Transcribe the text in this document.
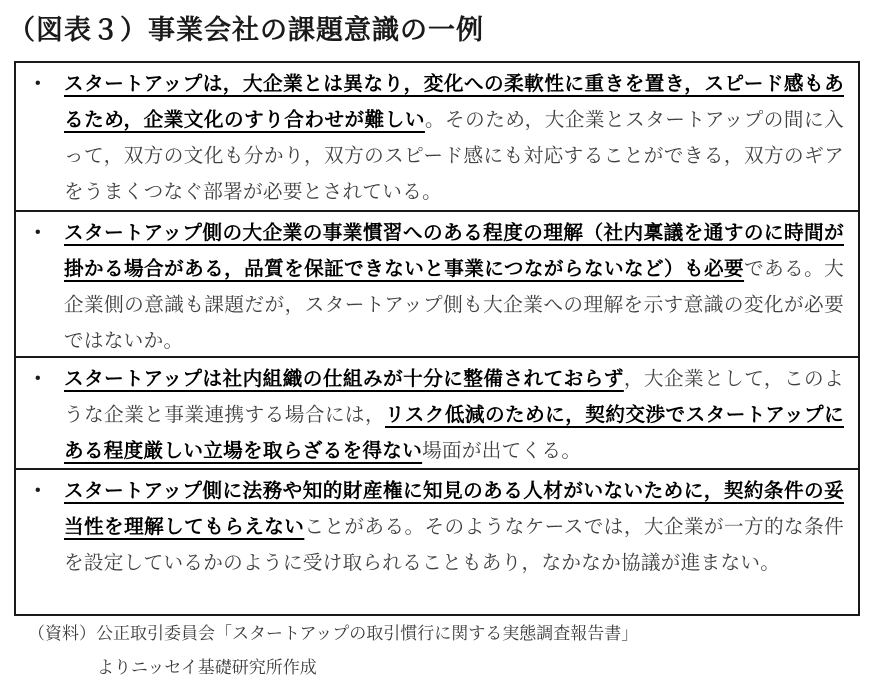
（図表３）事業会社の課題意識の一例
・ スタートアップは，大企業とは異なり，変化への柔軟性に重きを置き，スピード感もあるため，企業文化のすり合わせが難しい。そのため，大企業とスタートアップの間に入って，双方の文化も分かり，双方のスピード感にも対応することができる，双方のギアをうまくつなぐ部署が必要とされている。
・ スタートアップ側の大企業の事業慣習へのある程度の理解（社内稟議を通すのに時間が掛かる場合がある，品質を保証できないと事業につながらないなど）も必要である。大企業側の意識も課題だが，スタートアップ側も大企業への理解を示す意識の変化が必要ではないか。
・ スタートアップは社内組織の仕組みが十分に整備されておらず，大企業として，このような企業と事業連携する場合には，リスク低減のために，契約交渉でスタートアップにある程度厳しい立場を取らざるを得ない場面が出てくる。
・ スタートアップ側に法務や知的財産権に知見のある人材がいないために，契約条件の妥当性を理解してもらえないことがある。そのようなケースでは，大企業が一方的な条件を設定しているかのように受け取られることもあり，なかなか協議が進まない。
（資料）公正取引委員会「スタートアップの取引慣行に関する実態調査報告書」
よりニッセイ基礎研究所作成
